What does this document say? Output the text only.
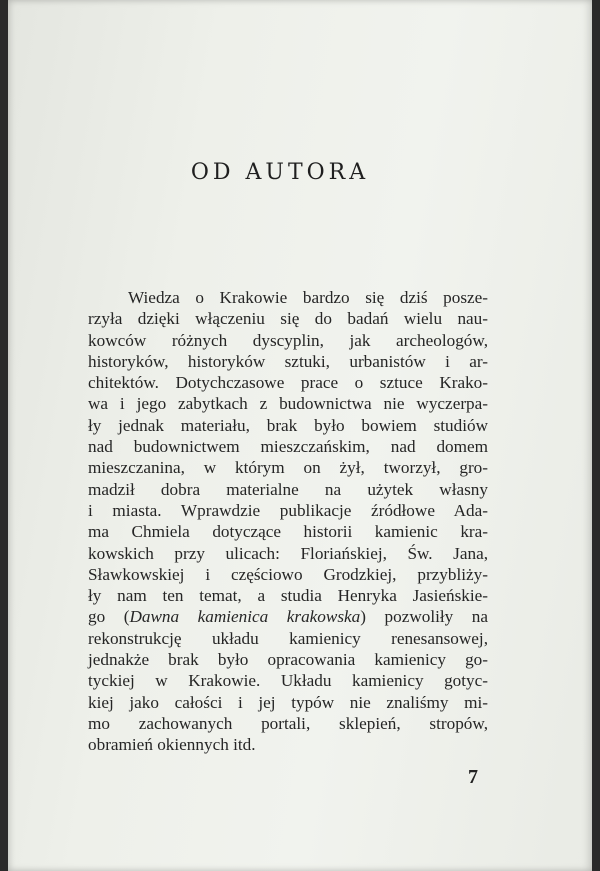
OD AUTORA
Wiedza o Krakowie bardzo się dziś posze-
rzyła dzięki włączeniu się do badań wielu nau-
kowców różnych dyscyplin, jak archeologów,
historyków, historyków sztuki, urbanistów i ar-
chitektów. Dotychczasowe prace o sztuce Krako-
wa i jego zabytkach z budownictwa nie wyczerpa-
ły jednak materiału, brak było bowiem studiów
nad budownictwem mieszczańskim, nad domem
mieszczanina, w którym on żył, tworzył, gro-
madził dobra materialne na użytek własny
i miasta. Wprawdzie publikacje źródłowe Ada-
ma Chmiela dotyczące historii kamienic kra-
kowskich przy ulicach: Floriańskiej, Św. Jana,
Sławkowskiej i częściowo Grodzkiej, przybliży-
ły nam ten temat, a studia Henryka Jasieńskie-
go (Dawna kamienica krakowska) pozwoliły na
rekonstrukcję układu kamienicy renesansowej,
jednakże brak było opracowania kamienicy go-
tyckiej w Krakowie. Układu kamienicy gotyc-
kiej jako całości i jej typów nie znaliśmy mi-
mo zachowanych portali, sklepień, stropów,
obramień okiennych itd.
7
